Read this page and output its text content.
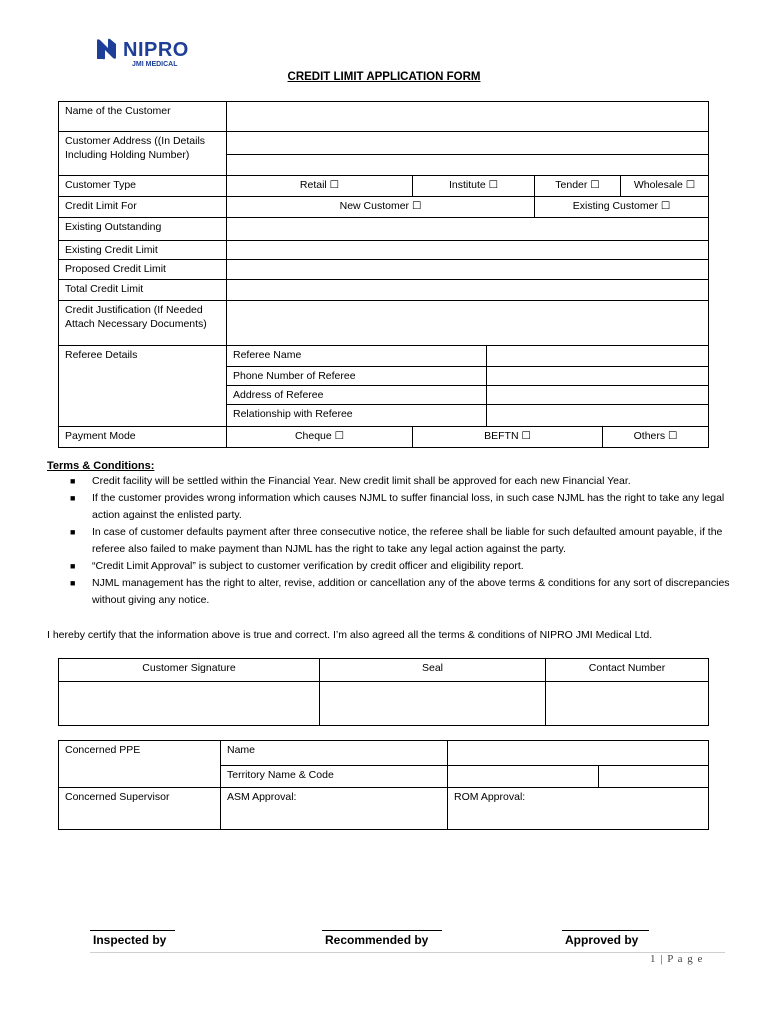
NIPRO
JMI MEDICAL
CREDIT LIMIT APPLICATION FORM
Name of the Customer						
Customer Address ((In Details Including Holding Number)						

Customer Type	Retail ☐	Institute ☐		Tender ☐		Wholesale ☐
Credit Limit For	New Customer ☐			Existing Customer ☐		
Existing Outstanding						
Existing Credit Limit						
Proposed Credit Limit						
Total Credit Limit						
Credit Justification (If Needed Attach Necessary Documents)						
Referee Details	Referee Name					
	Phone Number of Referee					
	Address of Referee					
	Relationship with Referee					
Payment Mode	Cheque ☐	BEFTN ☐			Others ☐	
Terms & Conditions:
■ Credit facility will be settled within the Financial Year. New credit limit shall be approved for each new Financial Year.
■ If the customer provides wrong information which causes NJML to suffer financial loss, in such case NJML has the right to take any legal action against the enlisted party.
■ In case of customer defaults payment after three consecutive notice, the referee shall be liable for such defaulted amount payable, if the referee also failed to make payment than NJML has the right to take any legal action against the party.
■ “Credit Limit Approval” is subject to customer verification by credit officer and eligibility report.
■ NJML management has the right to alter, revise, addition or cancellation any of the above terms & conditions for any sort of discrepancies without giving any notice.
I hereby certify that the information above is true and correct. I’m also agreed all the terms & conditions of NIPRO JMI Medical Ltd.
Customer Signature	Seal	Contact Number

Concerned PPE	Name		
	Territory Name & Code		
Concerned Supervisor	ASM Approval:	ROM Approval:	
Inspected by	Recommended by	Approved by
1 | P a g e
